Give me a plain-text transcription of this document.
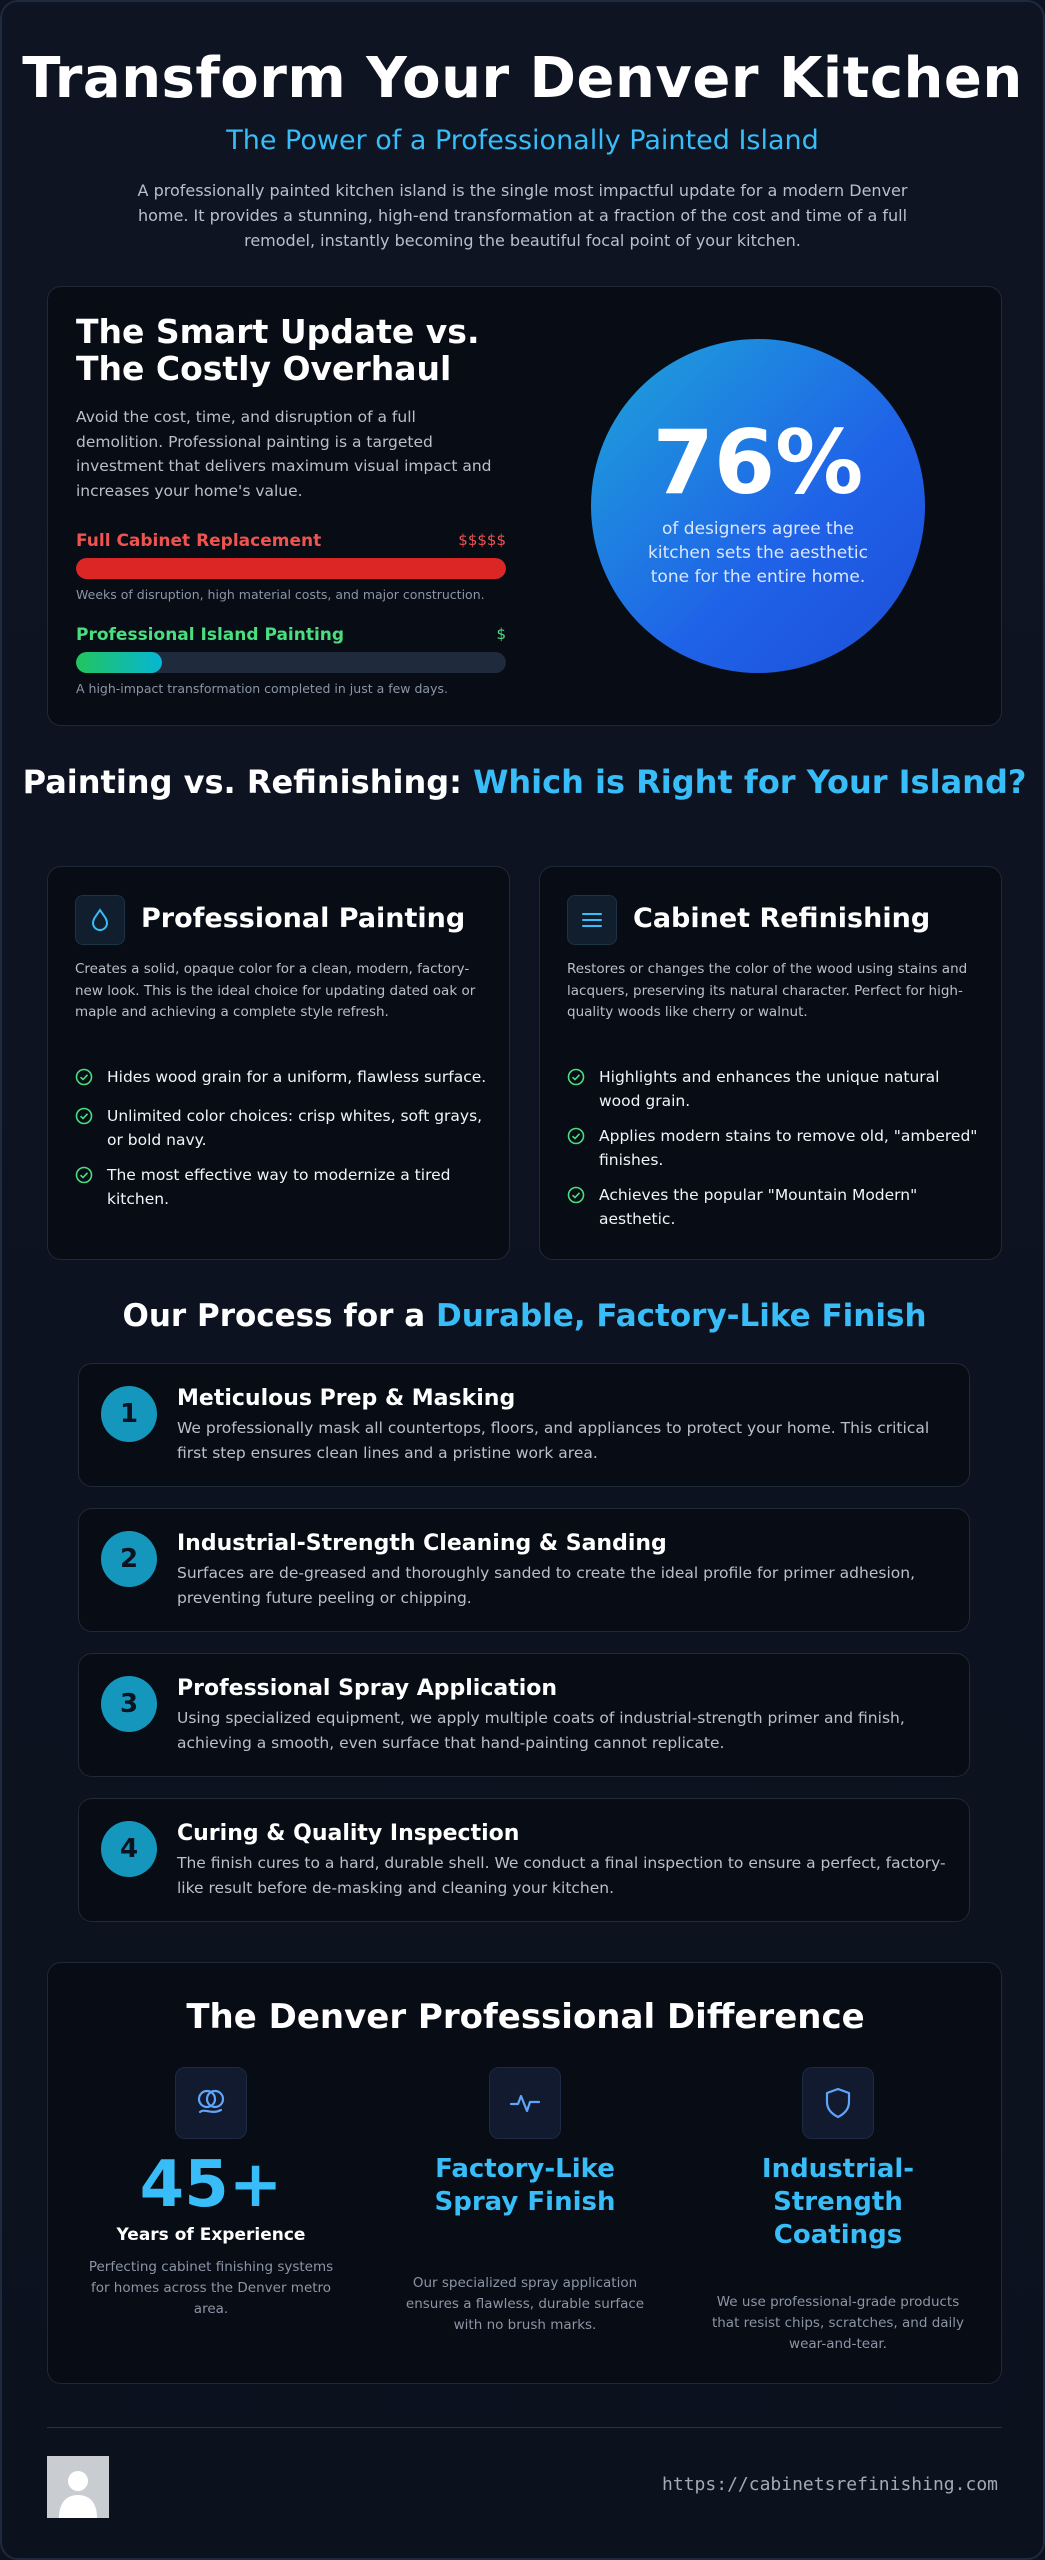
Transform Your Denver Kitchen
The Power of a Professionally Painted Island

A professionally painted kitchen island is the single most impactful update for a modern Denver home. It provides a stunning, high-end transformation at a fraction of the cost and time of a full remodel, instantly becoming the beautiful focal point of your kitchen.

The Smart Update vs.
The Costly Overhaul
Avoid the cost, time, and disruption of a full demolition. Professional painting is a targeted investment that delivers maximum visual impact and increases your home's value.
Full Cabinet Replacement	$$$$$
Weeks of disruption, high material costs, and major construction.
Professional Island Painting	$
A high-impact transformation completed in just a few days.
76%
of designers agree the kitchen sets the aesthetic tone for the entire home.
Painting vs. Refinishing: Which is Right for Your Island?
Professional Painting
Creates a solid, opaque color for a clean, modern, factory-new look. This is the ideal choice for updating dated oak or maple and achieving a complete style refresh.
Hides wood grain for a uniform, flawless surface.
Unlimited color choices: crisp whites, soft grays, or bold navy.
The most effective way to modernize a tired kitchen.
Cabinet Refinishing
Restores or changes the color of the wood using stains and lacquers, preserving its natural character. Perfect for high-quality woods like cherry or walnut.
Highlights and enhances the unique natural wood grain.
Applies modern stains to remove old, "ambered" finishes.
Achieves the popular "Mountain Modern" aesthetic.
Our Process for a Durable, Factory-Like Finish
1
Meticulous Prep & Masking

We professionally mask all countertops, floors, and appliances to protect your home. This critical first step ensures clean lines and a pristine work area.

2
Industrial-Strength Cleaning & Sanding

Surfaces are de-greased and thoroughly sanded to create the ideal profile for primer adhesion, preventing future peeling or chipping.

3
Professional Spray Application

Using specialized equipment, we apply multiple coats of industrial-strength primer and finish, achieving a smooth, even surface that hand-painting cannot replicate.

4
Curing & Quality Inspection

The finish cures to a hard, durable shell. We conduct a final inspection to ensure a perfect, factory-like result before de-masking and cleaning your kitchen.

The Denver Professional Difference
45+
Years of Experience
Perfecting cabinet finishing systems for homes across the Denver metro area.
Factory-Like
Spray Finish
Our specialized spray application ensures a flawless, durable surface with no brush marks.
Industrial-
Strength
Coatings
We use professional-grade products that resist chips, scratches, and daily wear-and-tear.
https://cabinetsrefinishing.com
